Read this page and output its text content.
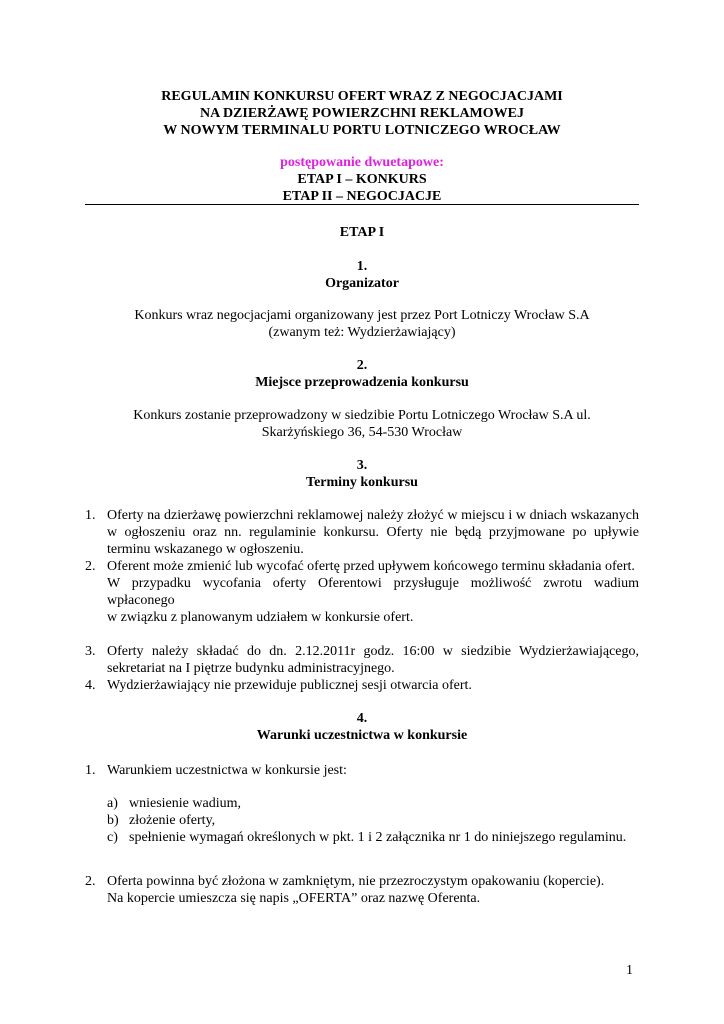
REGULAMIN KONKURSU OFERT WRAZ Z NEGOCJACJAMI
NA DZIERŻAWĘ POWIERZCHNI REKLAMOWEJ
W NOWYM TERMINALU PORTU LOTNICZEGO WROCŁAW
postępowanie dwuetapowe:
ETAP I – KONKURS
ETAP II – NEGOCJACJE
ETAP I
1.
Organizator
Konkurs wraz negocjacjami organizowany jest przez Port Lotniczy Wrocław S.A
(zwanym też: Wydzierżawiający)
2.
Miejsce przeprowadzenia konkursu
Konkurs zostanie przeprowadzony w siedzibie Portu Lotniczego Wrocław S.A ul.
Skarżyńskiego 36, 54-530 Wrocław
3.
Terminy konkursu
1. Oferty na dzierżawę powierzchni reklamowej należy złożyć w miejscu i w dniach wskazanych w ogłoszeniu oraz nn. regulaminie konkursu. Oferty nie będą przyjmowane po upływie terminu wskazanego w ogłoszeniu.
2. Oferent może zmienić lub wycofać ofertę przed upływem końcowego terminu składania ofert.
W przypadku wycofania oferty Oferentowi przysługuje możliwość zwrotu wadium wpłaconego
w związku z planowanym udziałem w konkursie ofert.
3. Oferty należy składać do dn. 2.12.2011r godz. 16:00 w siedzibie Wydzierżawiającego, sekretariat na I piętrze budynku administracyjnego.
4. Wydzierżawiający nie przewiduje publicznej sesji otwarcia ofert.
4.
Warunki uczestnictwa w konkursie
1. Warunkiem uczestnictwa w konkursie jest:
a) wniesienie wadium,
b) złożenie oferty,
c) spełnienie wymagań określonych w pkt. 1 i 2 załącznika nr 1 do niniejszego regulaminu.
2. Oferta powinna być złożona w zamkniętym, nie przezroczystym opakowaniu (kopercie).
Na kopercie umieszcza się napis „OFERTA” oraz nazwę Oferenta.
1
